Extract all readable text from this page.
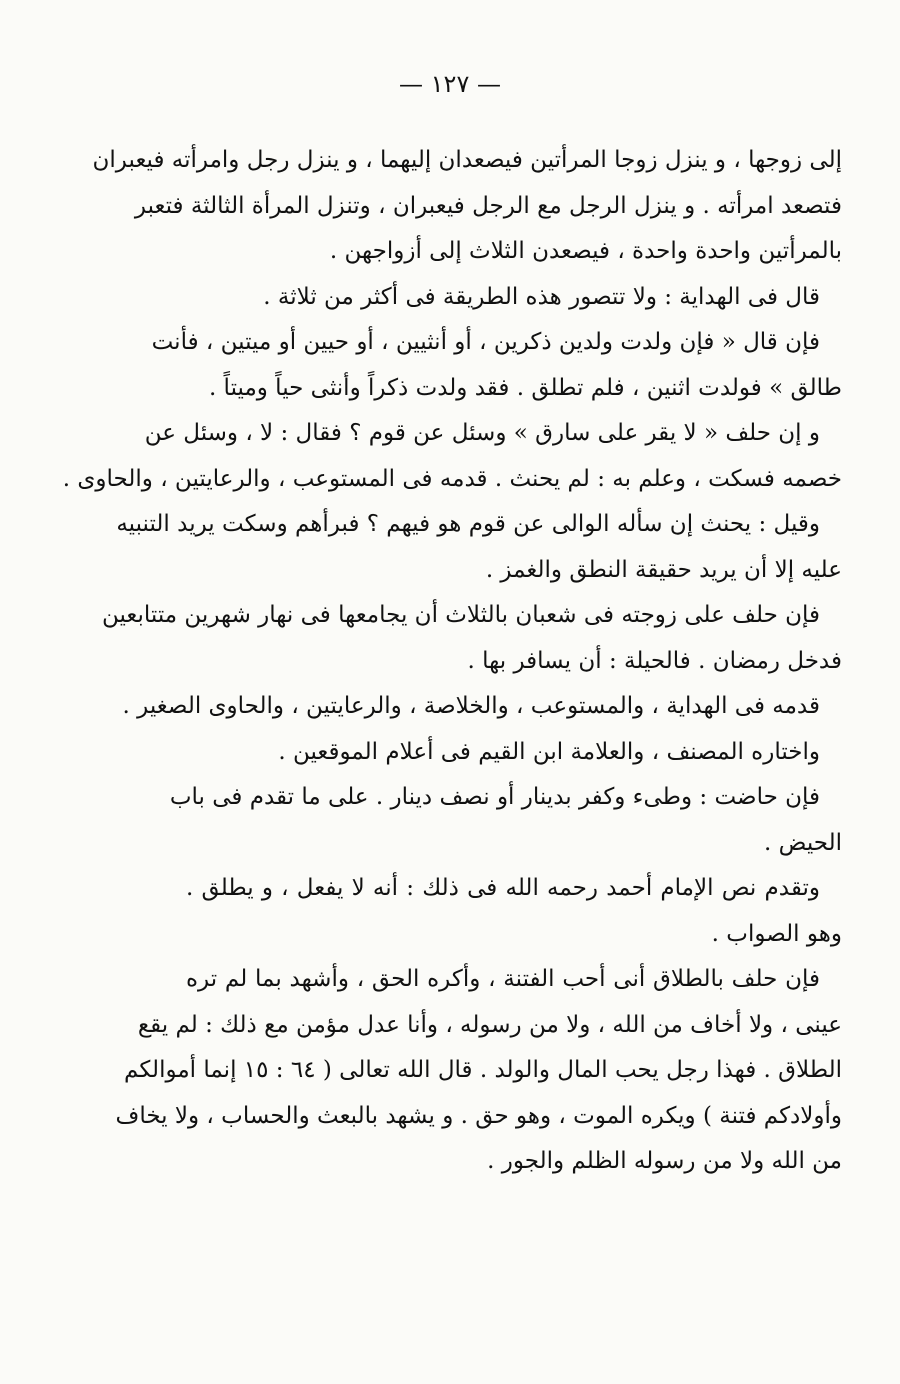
— ١٢٧ —
إلى زوجها ، و ينزل زوجا المرأتين فيصعدان إليهما ، و ينزل رجل وامرأته فيعبران
فتصعد امرأته . و ينزل الرجل مع الرجل فيعبران ، وتنزل المرأة الثالثة فتعبر
بالمرأتين واحدة واحدة ، فيصعدن الثلاث إلى أزواجهن .
قال فى الهداية : ولا تتصور هذه الطريقة فى أكثر من ثلاثة .
فإن قال « فإن ولدت ولدين ذكرين ، أو أنثيين ، أو حيين أو ميتين ، فأنت
طالق » فولدت اثنين ، فلم تطلق . فقد ولدت ذكراً وأنثى حياً وميتاً .
و إن حلف « لا يقر على سارق » وسئل عن قوم ؟ فقال : لا ، وسئل عن
خصمه فسكت ، وعلم به : لم يحنث . قدمه فى المستوعب ، والرعايتين ، والحاوى .
وقيل : يحنث إن سأله الوالى عن قوم هو فيهم ؟ فبرأهم وسكت يريد التنبيه
عليه إلا أن يريد حقيقة النطق والغمز .
فإن حلف على زوجته فى شعبان بالثلاث أن يجامعها فى نهار شهرين متتابعين
فدخل رمضان . فالحيلة : أن يسافر بها .
قدمه فى الهداية ، والمستوعب ، والخلاصة ، والرعايتين ، والحاوى الصغير .
واختاره المصنف ، والعلامة ابن القيم فى أعلام الموقعين .
فإن حاضت : وطىء وكفر بدينار أو نصف دينار . على ما تقدم فى باب
الحيض .
وتقدم نص الإمام أحمد رحمه الله فى ذلك : أنه لا يفعل ، و يطلق .
وهو الصواب .
فإن حلف بالطلاق أنى أحب الفتنة ، وأكره الحق ، وأشهد بما لم تره
عينى ، ولا أخاف من الله ، ولا من رسوله ، وأنا عدل مؤمن مع ذلك : لم يقع
الطلاق . فهذا رجل يحب المال والولد . قال الله تعالى ( ٦٤ : ١٥ إنما أموالكم
وأولادكم فتنة ) ويكره الموت ، وهو حق . و يشهد بالبعث والحساب ، ولا يخاف
من الله ولا من رسوله الظلم والجور .
